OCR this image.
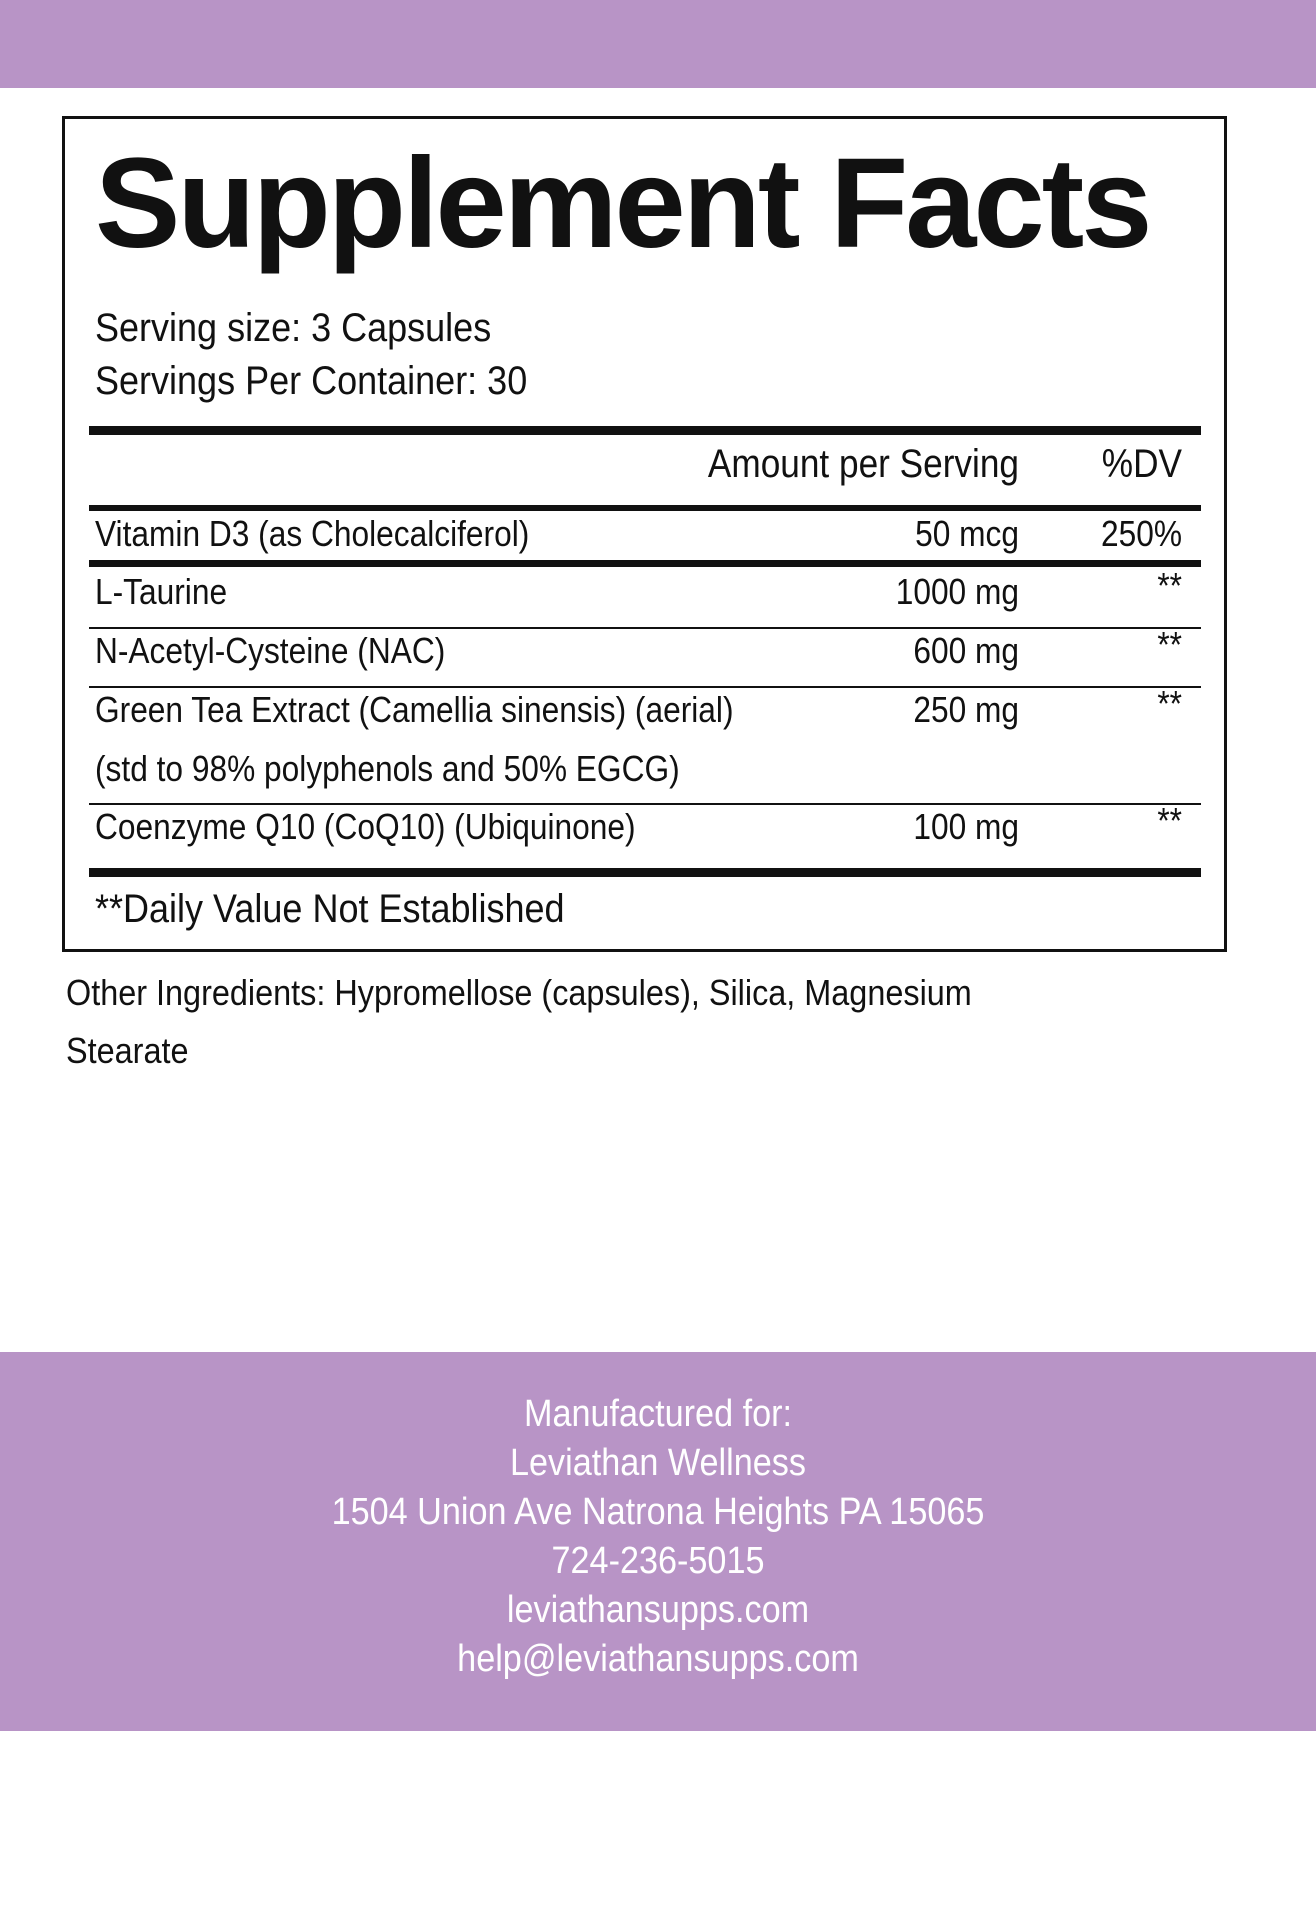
Supplement Facts
Serving size: 3 Capsules
Servings Per Container: 30
Amount per Serving	%DV
Vitamin D3 (as Cholecalciferol)	50 mcg	250%
L-Taurine	1000 mg	**
N-Acetyl-Cysteine (NAC)	600 mg	**
Green Tea Extract (Camellia sinensis) (aerial)
(std to 98% polyphenols and 50% EGCG)
250 mg	**
Coenzyme Q10 (CoQ10) (Ubiquinone)	100 mg	**
**Daily Value Not Established
Other Ingredients: Hypromellose (capsules), Silica, Magnesium
Stearate
Manufactured for:
Leviathan Wellness
1504 Union Ave Natrona Heights PA 15065
724-236-5015
leviathansupps.com
help@leviathansupps.com
